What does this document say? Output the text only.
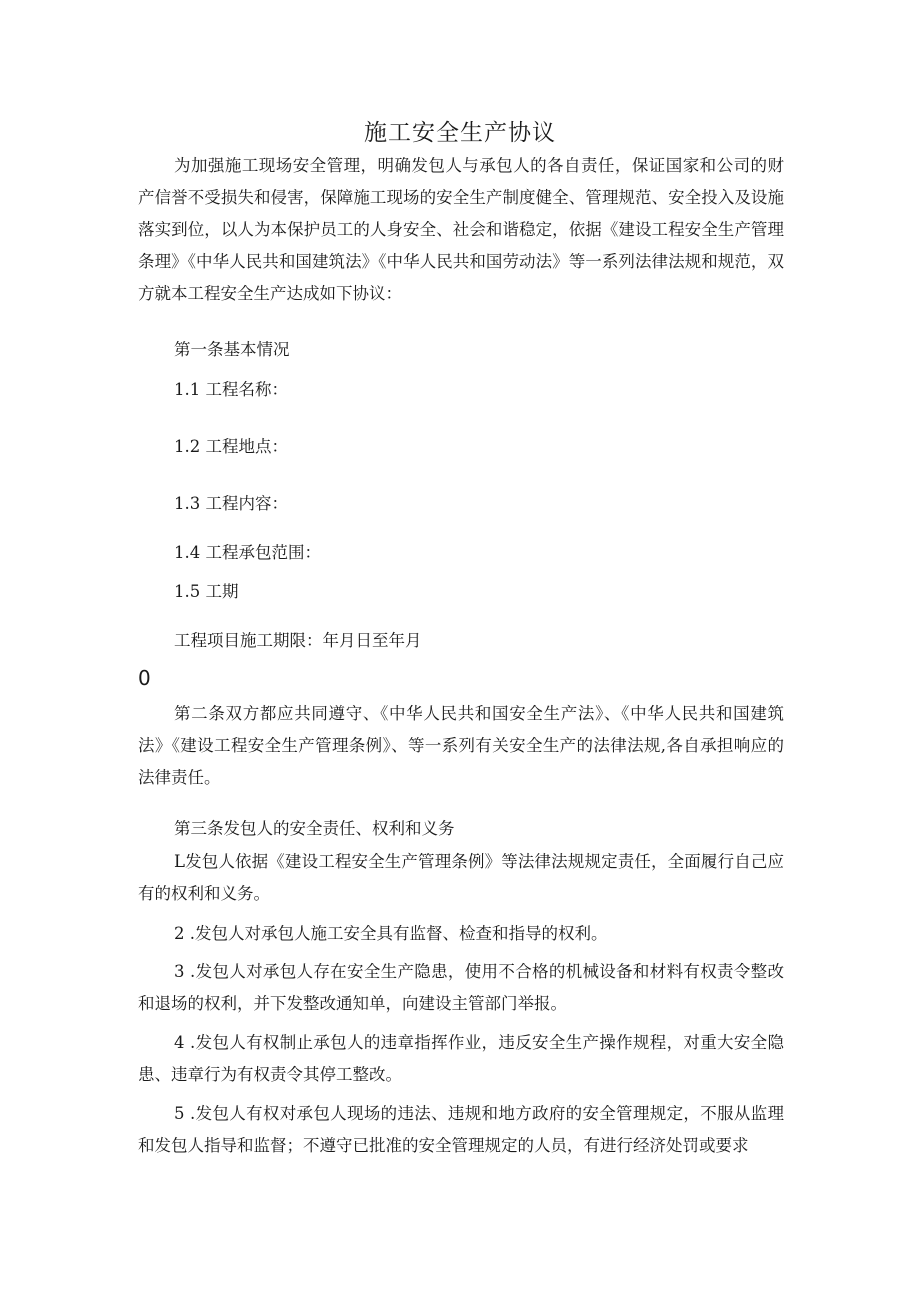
施工安全生产协议
为加强施工现场安全管理，明确发包人与承包人的各自责任，保证国家和公司的财产信誉不受损失和侵害，保障施工现场的安全生产制度健全、管理规范、安全投入及设施落实到位，以人为本保护员工的人身安全、社会和谐稳定，依据《建设工程安全生产管理条理》《中华人民共和国建筑法》《中华人民共和国劳动法》等一系列法律法规和规范，双方就本工程安全生产达成如下协议：
第一条基本情况
1.1 工程名称：
1.2 工程地点：
1.3 工程内容：
1.4 工程承包范围：
1.5 工期
工程项目施工期限：年月日至年月
0
第二条双方都应共同遵守、《中华人民共和国安全生产法》、《中华人民共和国建筑法》《建设工程安全生产管理条例》、等一系列有关安全生产的法律法规,各自承担响应的法律责任。
第三条发包人的安全责任、权利和义务
L发包人依据《建设工程安全生产管理条例》等法律法规规定责任，全面履行自己应有的权利和义务。
2 .发包人对承包人施工安全具有监督、检查和指导的权利。
3 .发包人对承包人存在安全生产隐患，使用不合格的机械设备和材料有权责令整改和退场的权利，并下发整改通知单，向建设主管部门举报。
4 .发包人有权制止承包人的违章指挥作业，违反安全生产操作规程，对重大安全隐患、违章行为有权责令其停工整改。
5 .发包人有权对承包人现场的违法、违规和地方政府的安全管理规定，不服从监理和发包人指导和监督；不遵守已批准的安全管理规定的人员，有进行经济处罚或要求
